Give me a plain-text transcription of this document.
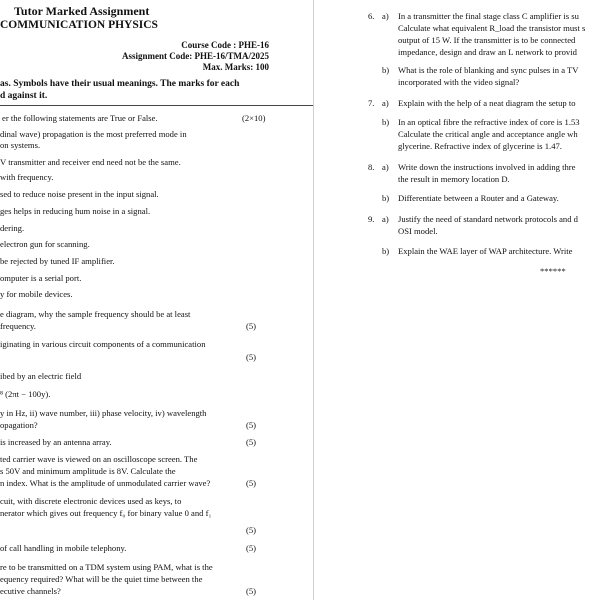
Tutor Marked Assignment
COMMUNICATION PHYSICS
Course Code : PHE-16
Assignment Code: PHE-16/TMA/2025
Max. Marks: 100
as. Symbols have their usual meanings. The marks for each
d against it.
er the following statements are True or False.	(2×10)
dinal wave) propagation is the most preferred mode in
on systems.
V transmitter and receiver end need not be the same.
with frequency.
sed to reduce noise present in the input signal.
ges helps in reducing hum noise in a signal.
dering.
electron gun for scanning.
be rejected by tuned IF amplifier.
omputer is a serial port.
y for mobile devices.
e diagram, why the sample frequency should be at least
frequency.	(5)
iginating in various circuit components of a communication
(5)
ibed by an electric field
⁸ (2πt − 100y).
y in Hz, ii) wave number, iii) phase velocity, iv) wavelength
opagation?	(5)
is increased by an antenna array.	(5)
ted carrier wave is viewed on an oscilloscope screen. The
s 50V and minimum amplitude is 8V. Calculate the
n index. What is the amplitude of unmodulated carrier wave?	(5)
cuit, with discrete electronic devices used as keys, to
nerator which gives out frequency f₀ for binary value 0 and f₁
(5)
of call handling in mobile telephony.	(5)
re to be transmitted on a TDM system using PAM, what is the
equency required? What will be the quiet time between the
ecutive channels?	(5)
6. a) In a transmitter the final stage class C amplifier is su
Calculate what equivalent R_load the transistor must s
output of 15 W. If the transmitter is to be connected
impedance, design and draw an L network to provid
b) What is the role of blanking and sync pulses in a TV
incorporated with the video signal?
7. a) Explain with the help of a neat diagram the setup to
b) In an optical fibre the refractive index of core is 1.53
Calculate the critical angle and acceptance angle wh
glycerine. Refractive index of glycerine is 1.47.
8. a) Write down the instructions involved in adding thre
the result in memory location D.
b) Differentiate between a Router and a Gateway.
9. a) Justify the need of standard network protocols and d
OSI model.
b) Explain the WAE layer of WAP architecture. Write
******
